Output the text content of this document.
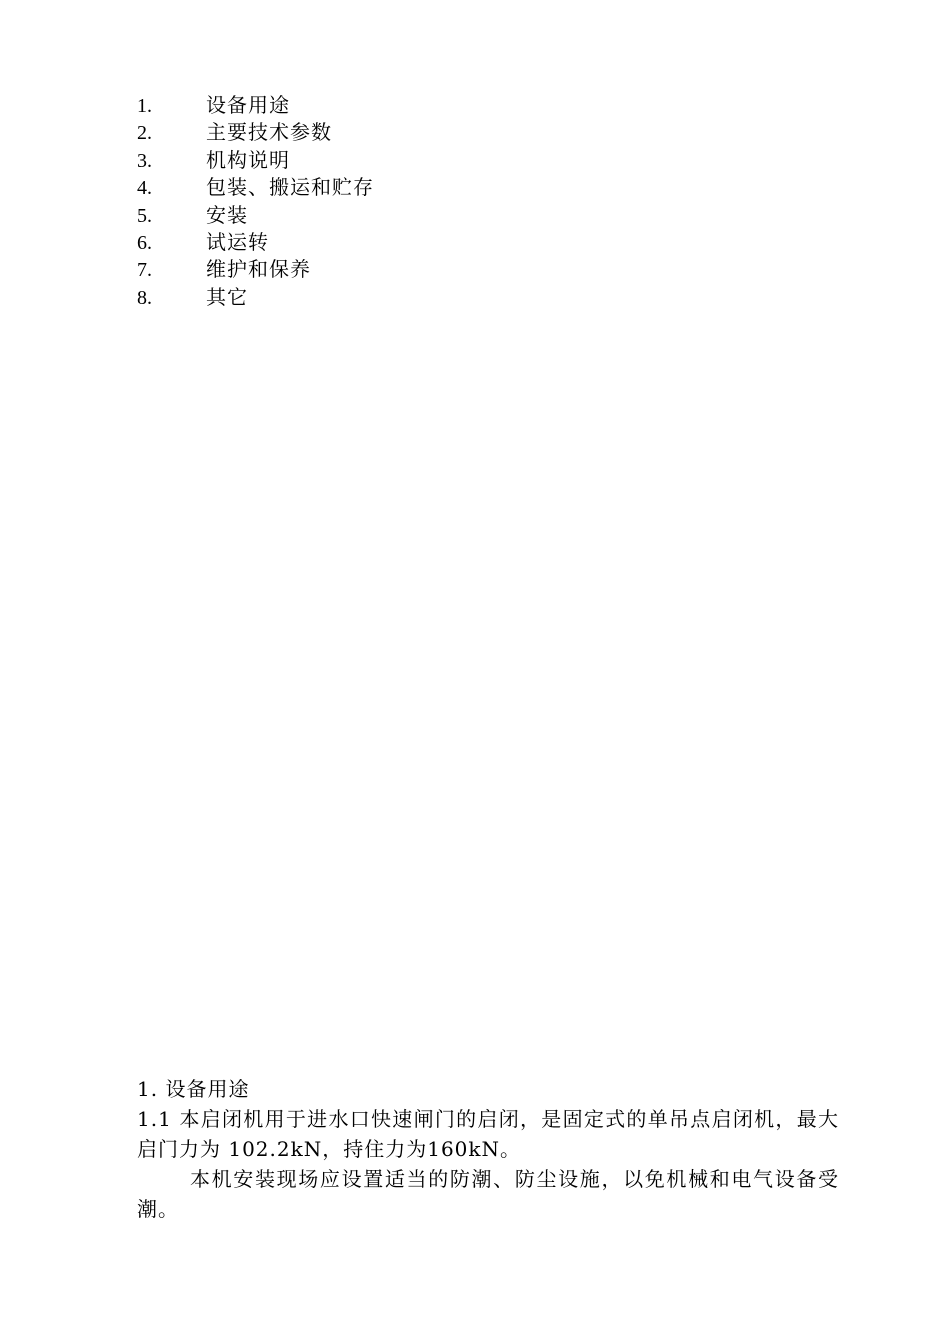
1.	设备用途
2.	主要技术参数
3.	机构说明
4.	包装、搬运和贮存
5.	安装
6.	试运转
7.	维护和保养
8.	其它
1. 设备用途

1.1 本启闭机用于进水口快速闸门的启闭，是固定式的单吊点启闭机，最大启门力为 102.2kN，持住力为160kN。

本机安装现场应设置适当的防潮、防尘设施，以免机械和电气设备受潮。
